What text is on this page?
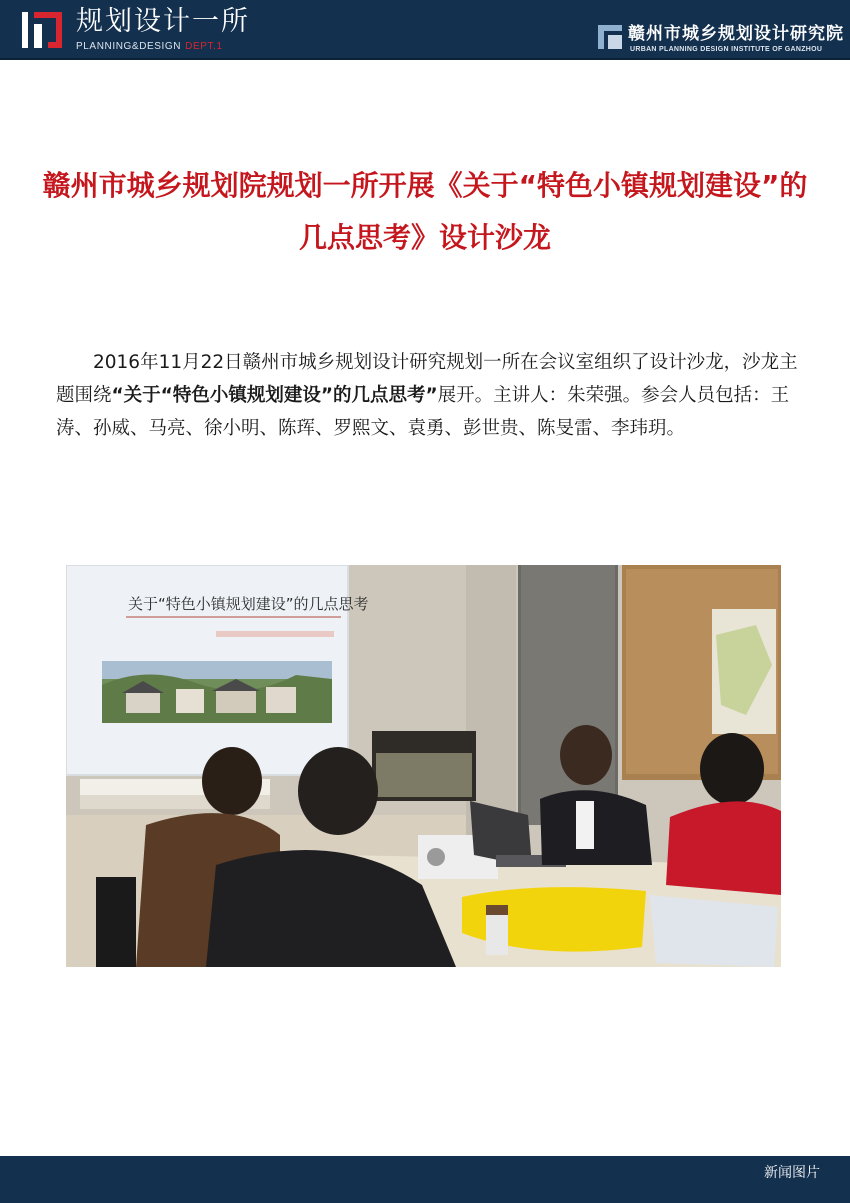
规划设计一所
PLANNING&DESIGN DEPT.1
赣州市城乡规划设计研究院
URBAN PLANNING DESIGN INSTITUTE OF GANZHOU
赣州市城乡规划院规划一所开展《关于“特色小镇规划建设”的几点思考》设计沙龙

2016年11月22日赣州市城乡规划设计研究规划一所在会议室组织了设计沙龙，沙龙主题围绕“关于“特色小镇规划建设”的几点思考”展开。主讲人：朱荣强。参会人员包括：王涛、孙威、马亮、徐小明、陈珲、罗熙文、袁勇、彭世贵、陈旻雷、李玮玥。

关于“特色小镇规划建设”的几点思考
新闻图片
